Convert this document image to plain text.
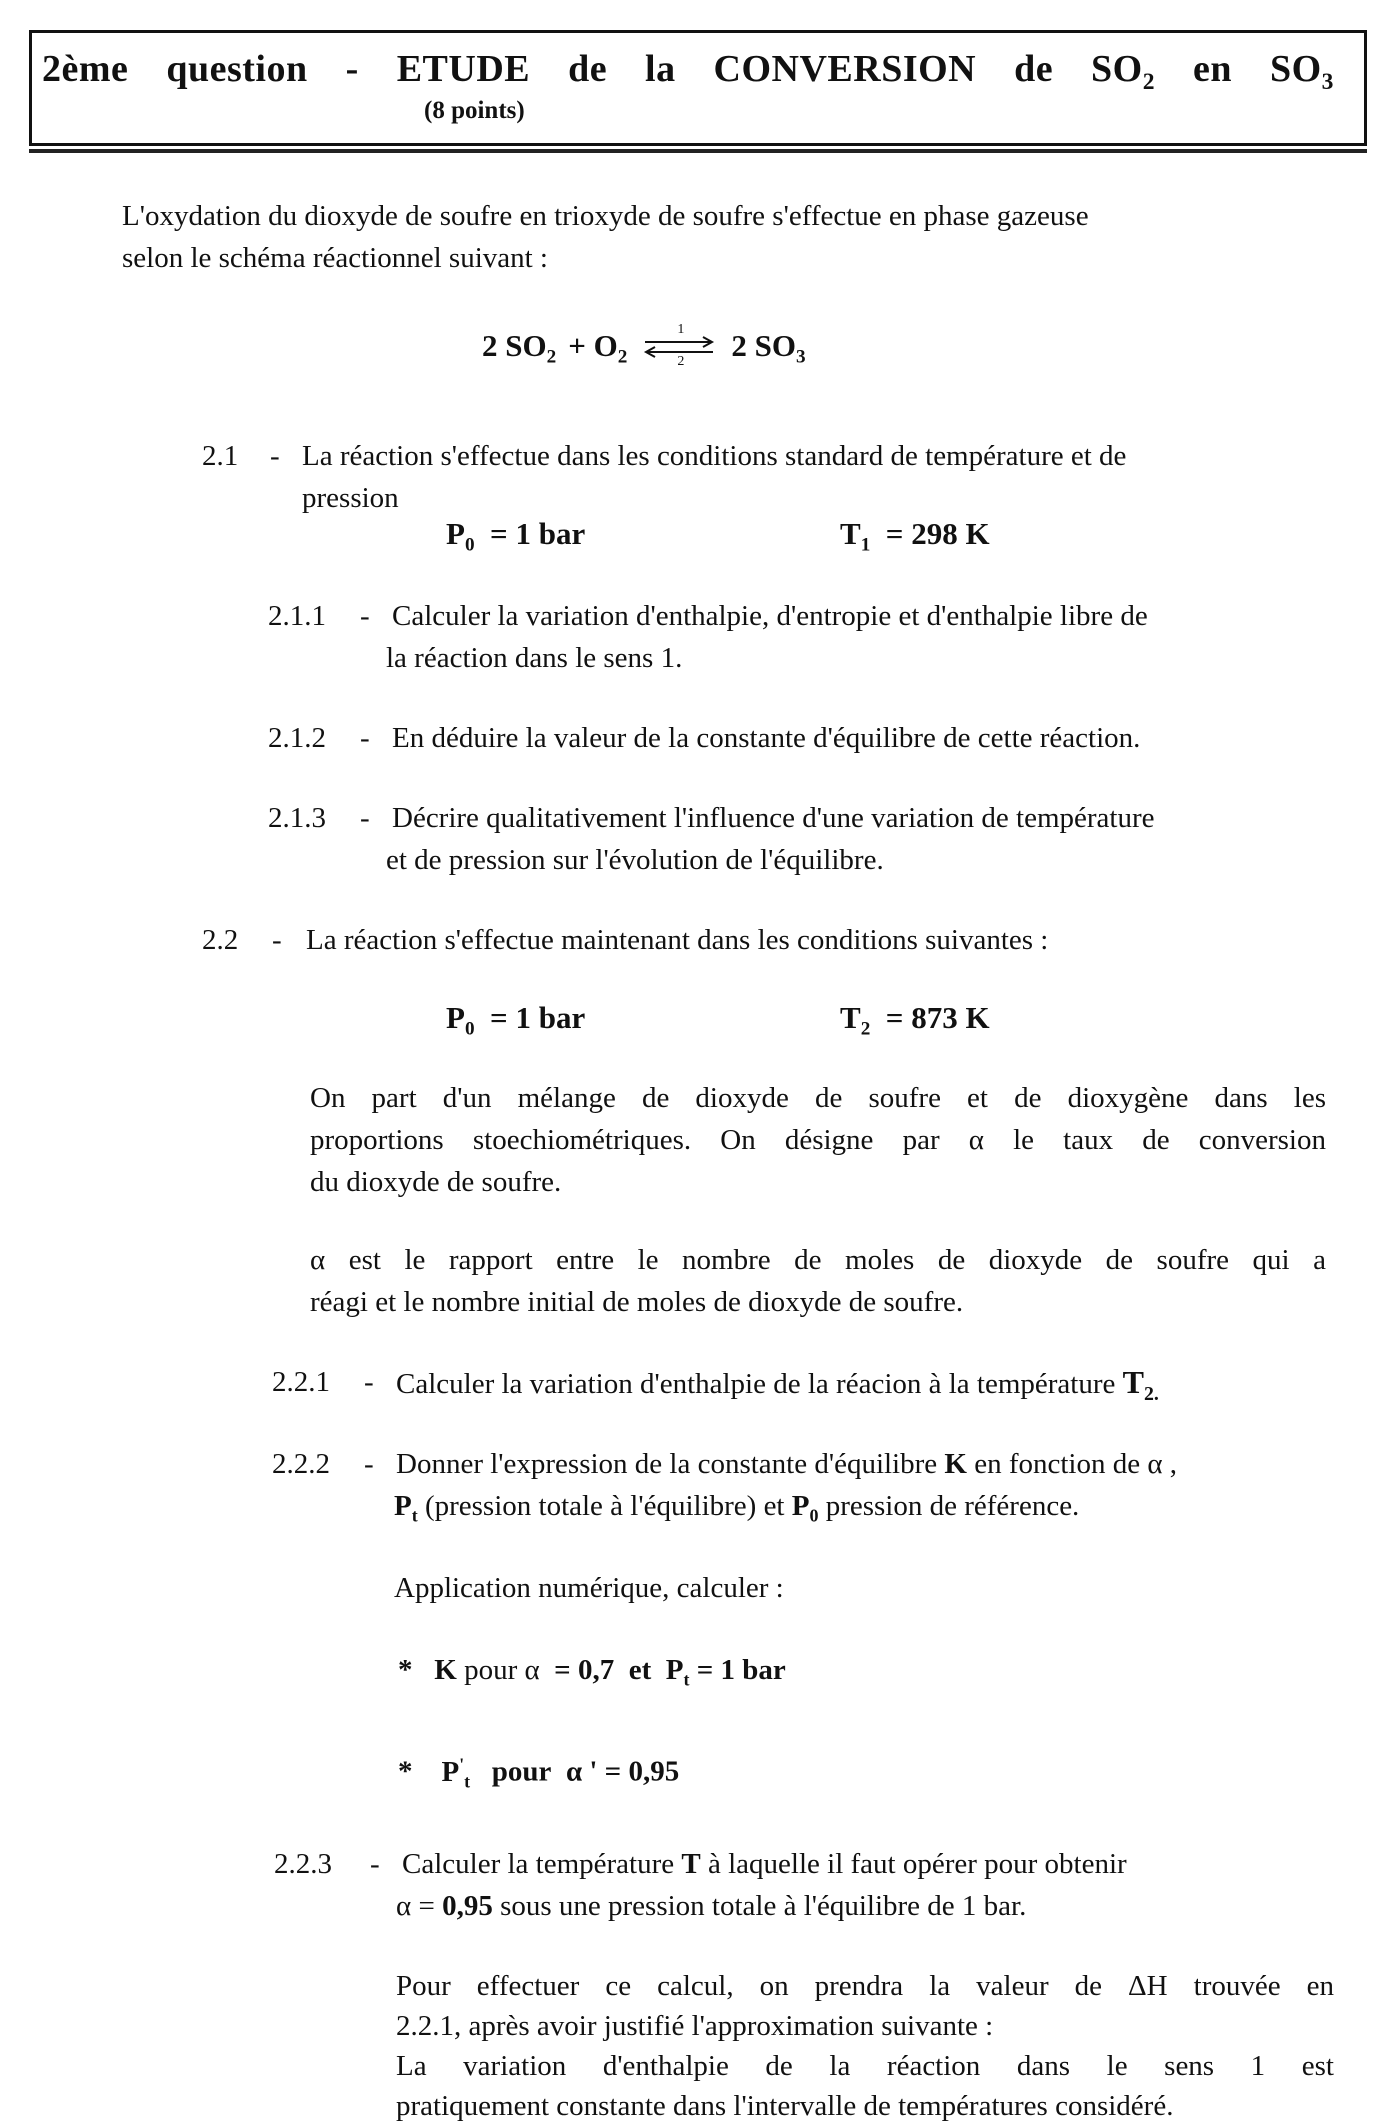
2ème question - ETUDE de la CONVERSION de $SO_2$ en $SO_3$
(8 points)
L'oxydation du dioxyde de soufre en trioxyde de soufre s'effectue en phase gazeuse
selon le schéma réactionnel suivant :
2 $SO_2 + O_2$
1
2 2 $SO_3$
2.1 - La réaction s'effectue dans les conditions standard de température et de
pression
$P_0 = 1$ bar	$T_1 = 298$ K
2.1.1 - Calculer la variation d'enthalpie, d'entropie et d'enthalpie libre de
la réaction dans le sens 1.
2.1.2 - En déduire la valeur de la constante d'équilibre de cette réaction.
2.1.3 - Décrire qualitativement l'influence d'une variation de température
et de pression sur l'évolution de l'équilibre.
2.2 - La réaction s'effectue maintenant dans les conditions suivantes :
$P_0 = 1$ bar	$T_2 = 873$ K
On part d'un mélange de dioxyde de soufre et de dioxygène dans les
proportions stoechiométriques. On désigne par α le taux de conversion
du dioxyde de soufre.
α est le rapport entre le nombre de moles de dioxyde de soufre qui a
réagi et le nombre initial de moles de dioxyde de soufre.
2.2.1 - Calculer la variation d'enthalpie de la réacion à la température $T_{2.}$
2.2.2 - Donner l'expression de la constante d'équilibre K en fonction de α ,
$P_t$ (pression totale à l'équilibre) et $P_0$ pression de référence.
Application numérique, calculer :
* K pour α = 0,7 et $P_t = 1$ bar
* $P'_t$ pour α ' = 0,95
2.2.3 - Calculer la température T à laquelle il faut opérer pour obtenir
α = 0,95 sous une pression totale à l'équilibre de 1 bar.
Pour effectuer ce calcul, on prendra la valeur de ΔH trouvée en
2.2.1, après avoir justifié l'approximation suivante :
La variation d'enthalpie de la réaction dans le sens 1 est
pratiquement constante dans l'intervalle de températures considéré.
